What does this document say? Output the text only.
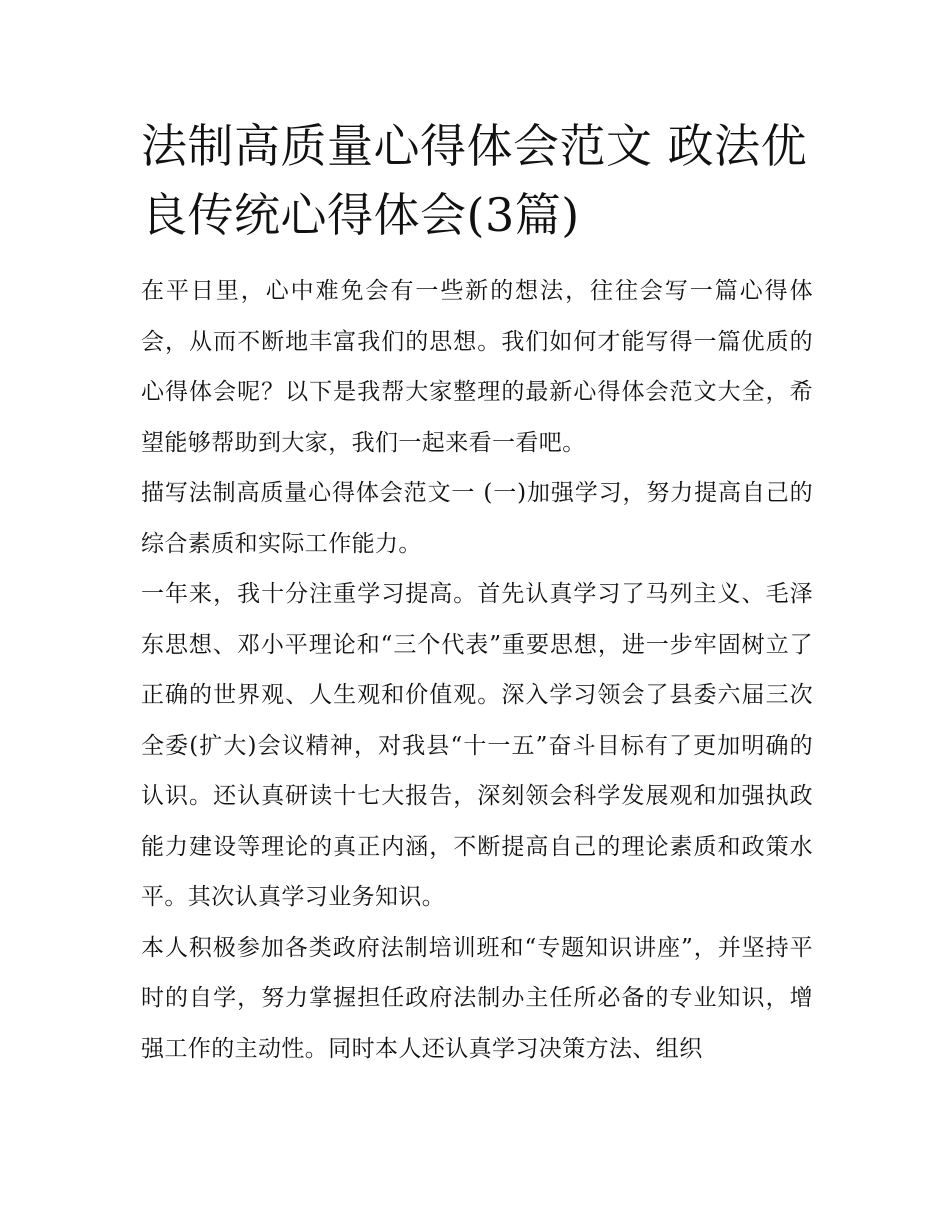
法制高质量心得体会范文 政法优良传统心得体会(3篇)

在平日里，心中难免会有一些新的想法，往往会写一篇心得体会，从而不断地丰富我们的思想。我们如何才能写得一篇优质的心得体会呢？以下是我帮大家整理的最新心得体会范文大全，希望能够帮助到大家，我们一起来看一看吧。

描写法制高质量心得体会范文一 (一)加强学习，努力提高自己的综合素质和实际工作能力。

一年来，我十分注重学习提高。首先认真学习了马列主义、毛泽东思想、邓小平理论和“三个代表”重要思想，进一步牢固树立了正确的世界观、人生观和价值观。深入学习领会了县委六届三次全委(扩大)会议精神，对我县“十一五”奋斗目标有了更加明确的认识。还认真研读十七大报告，深刻领会科学发展观和加强执政能力建设等理论的真正内涵，不断提高自己的理论素质和政策水平。其次认真学习业务知识。

本人积极参加各类政府法制培训班和“专题知识讲座”，并坚持平时的自学，努力掌握担任政府法制办主任所必备的专业知识，增强工作的主动性。同时本人还认真学习决策方法、组织
